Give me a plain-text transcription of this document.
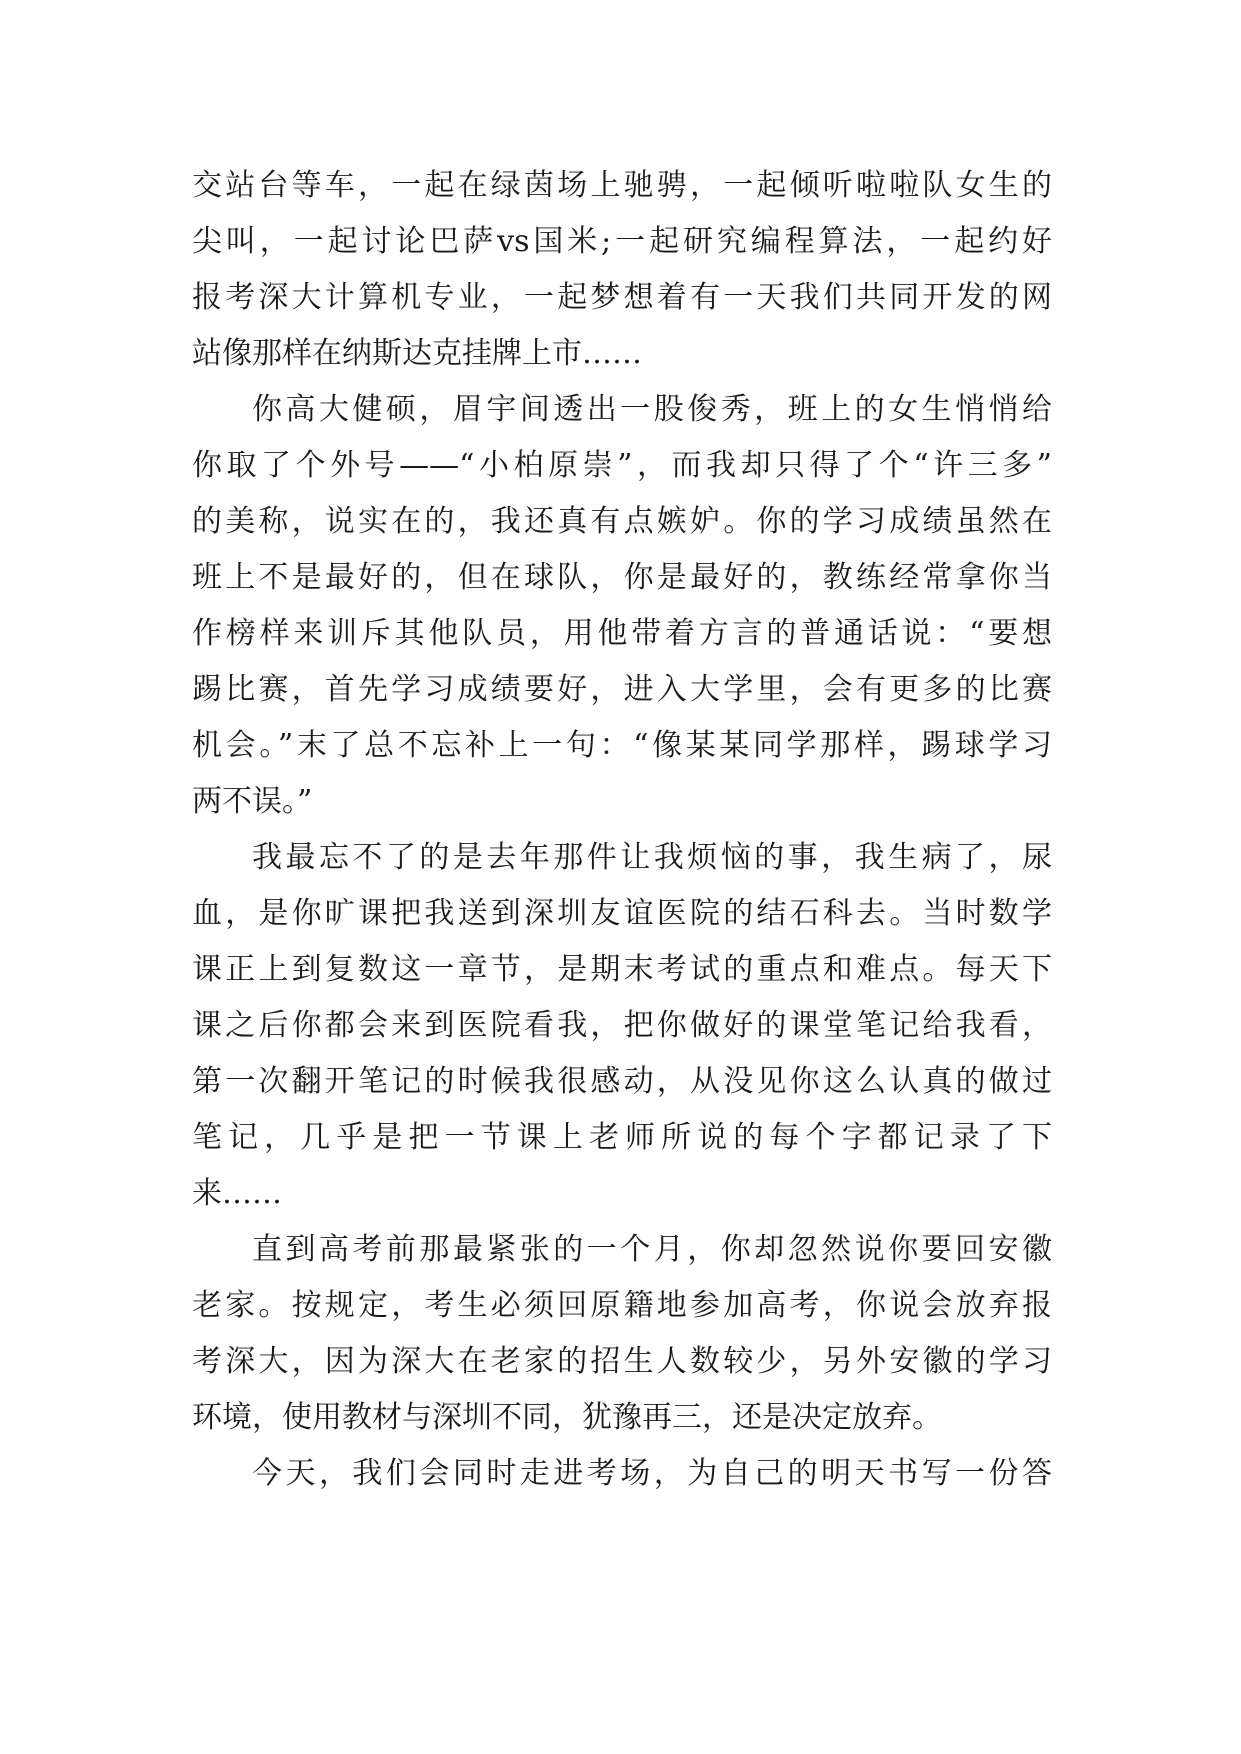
交站台等车，一起在绿茵场上驰骋，一起倾听啦啦队女生的
尖叫，一起讨论巴萨vs国米;一起研究编程算法，一起约好
报考深大计算机专业，一起梦想着有一天我们共同开发的网
站像那样在纳斯达克挂牌上市……
你高大健硕，眉宇间透出一股俊秀，班上的女生悄悄给
你取了个外号——“小柏原崇”，而我却只得了个“许三多”
的美称，说实在的，我还真有点嫉妒。你的学习成绩虽然在
班上不是最好的，但在球队，你是最好的，教练经常拿你当
作榜样来训斥其他队员，用他带着方言的普通话说：“要想
踢比赛，首先学习成绩要好，进入大学里，会有更多的比赛
机会。”末了总不忘补上一句：“像某某同学那样，踢球学习
两不误。”
我最忘不了的是去年那件让我烦恼的事，我生病了，尿
血，是你旷课把我送到深圳友谊医院的结石科去。当时数学
课正上到复数这一章节，是期末考试的重点和难点。每天下
课之后你都会来到医院看我，把你做好的课堂笔记给我看，
第一次翻开笔记的时候我很感动，从没见你这么认真的做过
笔记，几乎是把一节课上老师所说的每个字都记录了下
来……
直到高考前那最紧张的一个月，你却忽然说你要回安徽
老家。按规定，考生必须回原籍地参加高考，你说会放弃报
考深大，因为深大在老家的招生人数较少，另外安徽的学习
环境，使用教材与深圳不同，犹豫再三，还是决定放弃。
今天，我们会同时走进考场，为自己的明天书写一份答
